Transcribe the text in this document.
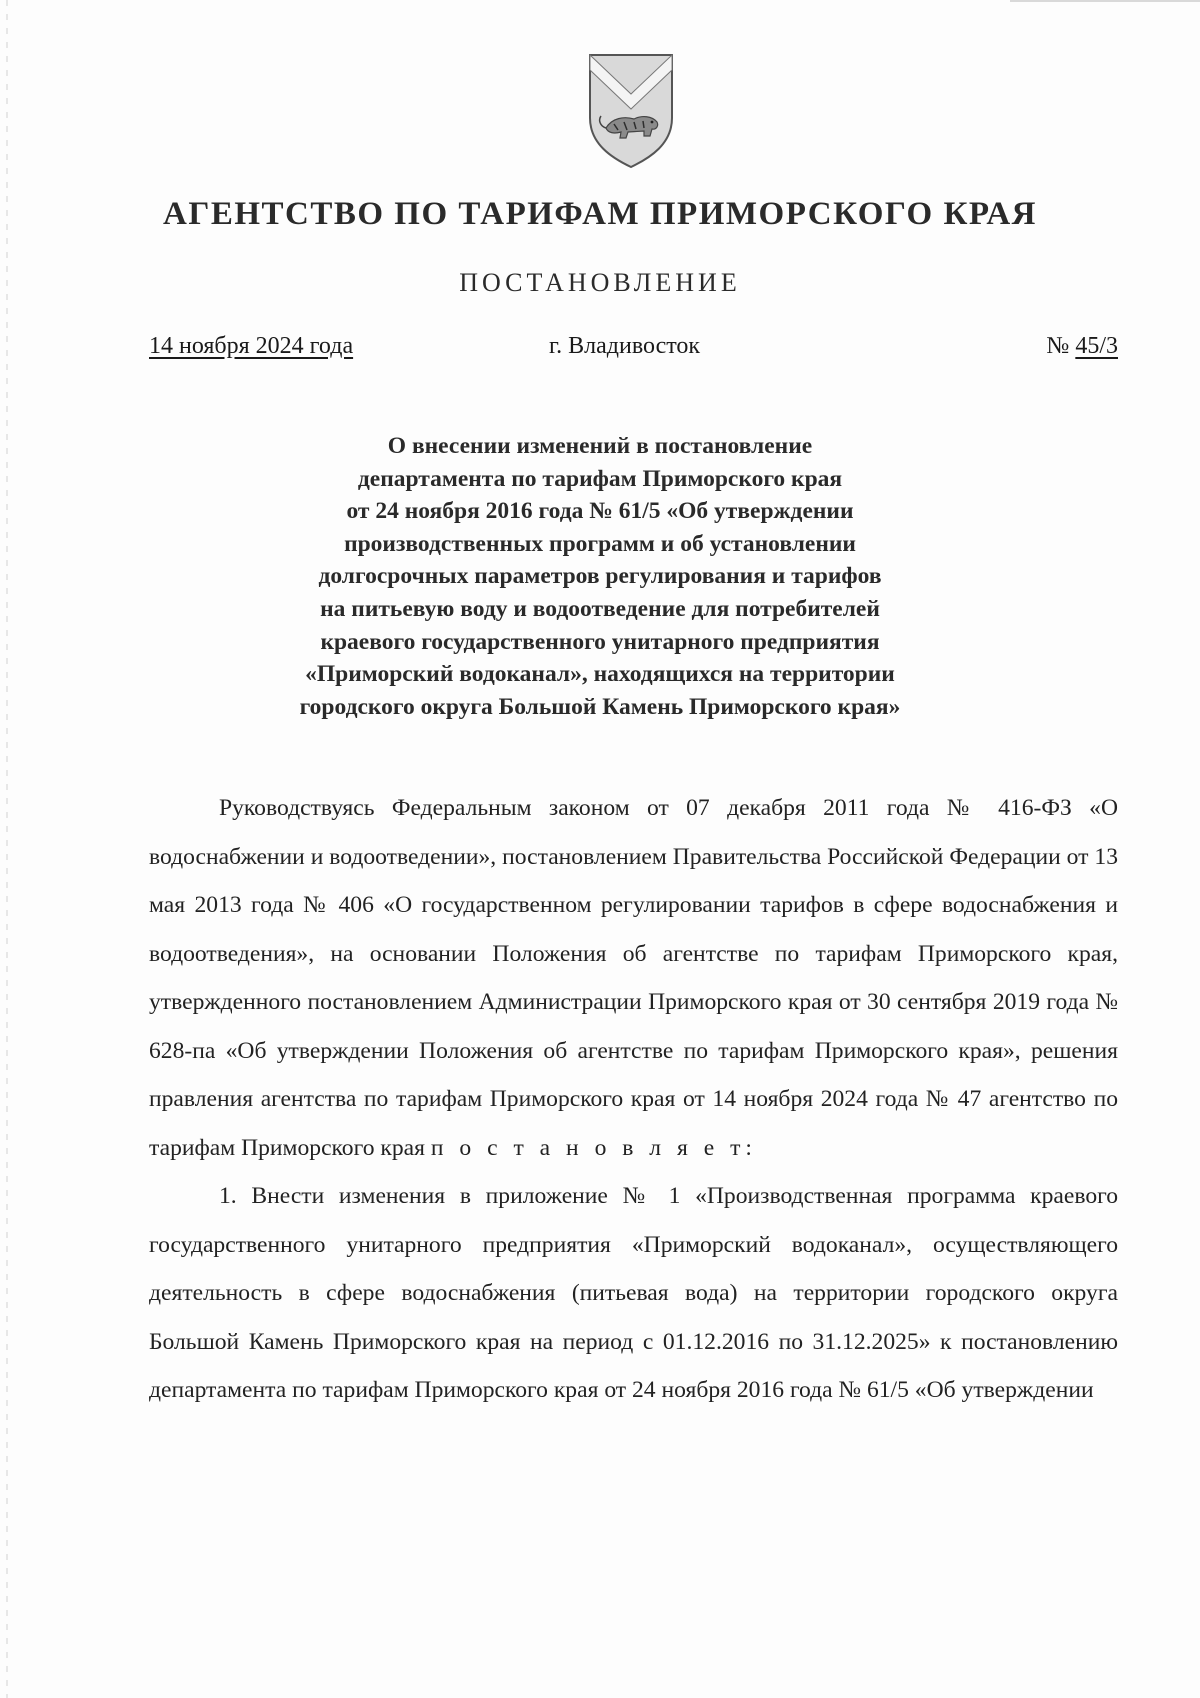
АГЕНТСТВО ПО ТАРИФАМ ПРИМОРСКОГО КРАЯ
ПОСТАНОВЛЕНИЕ
14 ноября 2024 года	г. Владивосток	№ 45/3
О внесении изменений в постановление
департамента по тарифам Приморского края
от 24 ноября 2016 года № 61/5 «Об утверждении
производственных программ и об установлении
долгосрочных параметров регулирования и тарифов
на питьевую воду и водоотведение для потребителей
краевого государственного унитарного предприятия
«Приморский водоканал», находящихся на территории
городского округа Большой Камень Приморского края»

Руководствуясь Федеральным законом от 07 декабря 2011 года № 416-ФЗ «О водоснабжении и водоотведении», постановлением Правительства Российской Федерации от 13 мая 2013 года № 406 «О государственном регулировании тарифов в сфере водоснабжения и водоотведения», на основании Положения об агентстве по тарифам Приморского края, утвержденного постановлением Администрации Приморского края от 30 сентября 2019 года № 628-па «Об утверждении Положения об агентстве по тарифам Приморского края», решения правления агентства по тарифам Приморского края от 14 ноября 2024 года № 47 агентство по тарифам Приморского края п о с т а н о в л я е т:

1. Внести изменения в приложение № 1 «Производственная программа краевого государственного унитарного предприятия «Приморский водоканал», осуществляющего деятельность в сфере водоснабжения (питьевая вода) на территории городского округа Большой Камень Приморского края на период с 01.12.2016 по 31.12.2025» к постановлению департамента по тарифам Приморского края от 24 ноября 2016 года № 61/5 «Об утверждении
